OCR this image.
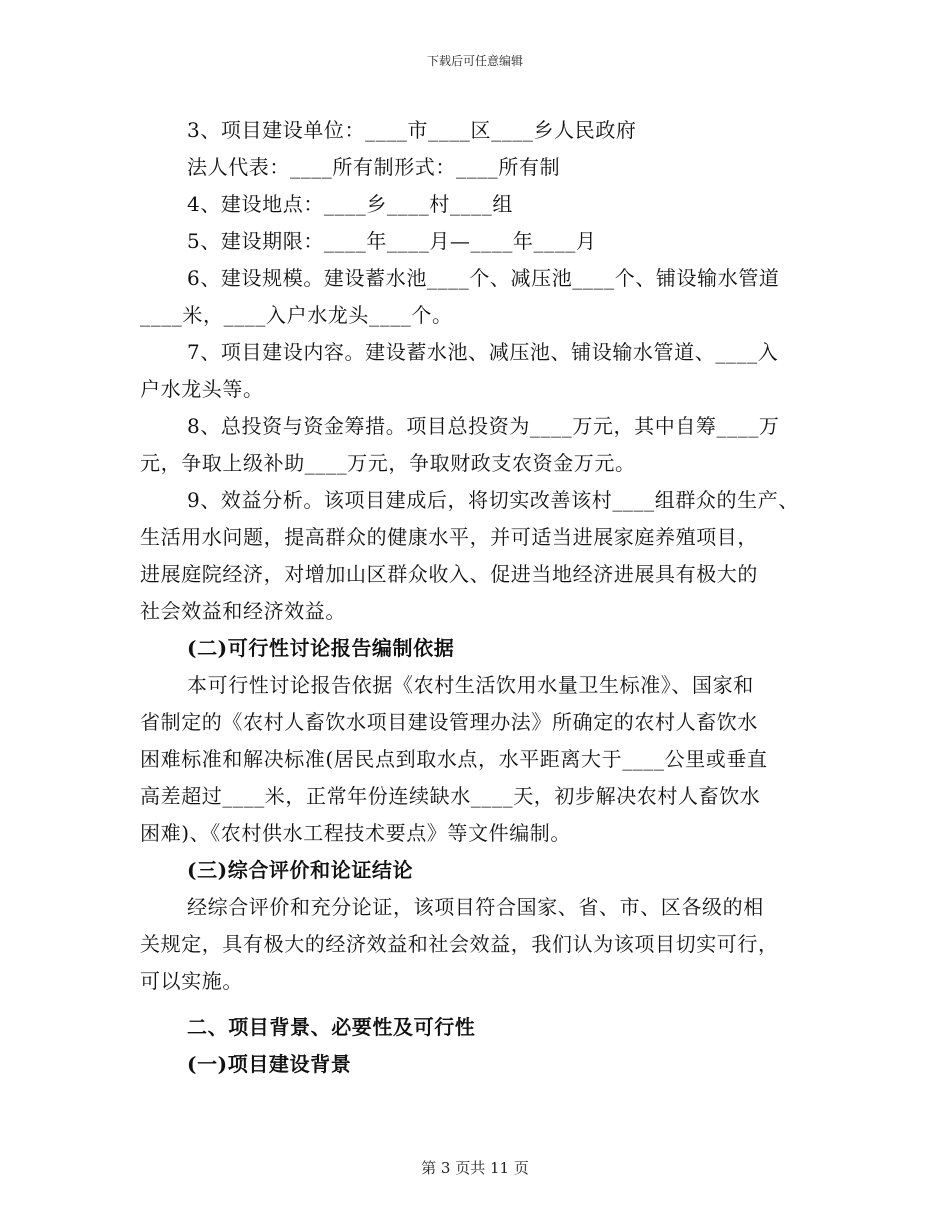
下载后可任意编辑
3、项目建设单位：____市____区____乡人民政府
法人代表：____所有制形式：____所有制
4、建设地点：____乡____村____组
5、建设期限：____年____月—____年____月
6、建设规模。建设蓄水池____个、减压池____个、铺设输水管道
____米，____入户水龙头____个。
7、项目建设内容。建设蓄水池、减压池、铺设输水管道、____入
户水龙头等。
8、总投资与资金筹措。项目总投资为____万元，其中自筹____万
元，争取上级补助____万元，争取财政支农资金万元。
9、效益分析。该项目建成后，将切实改善该村____组群众的生产、
生活用水问题，提高群众的健康水平，并可适当进展家庭养殖项目，
进展庭院经济，对增加山区群众收入、促进当地经济进展具有极大的
社会效益和经济效益。
(二)可行性讨论报告编制依据
本可行性讨论报告依据《农村生活饮用水量卫生标准》、国家和
省制定的《农村人畜饮水项目建设管理办法》所确定的农村人畜饮水
困难标准和解决标准(居民点到取水点，水平距离大于____公里或垂直
高差超过____米，正常年份连续缺水____天，初步解决农村人畜饮水
困难)、《农村供水工程技术要点》等文件编制。
(三)综合评价和论证结论
经综合评价和充分论证，该项目符合国家、省、市、区各级的相
关规定，具有极大的经济效益和社会效益，我们认为该项目切实可行，
可以实施。
二、项目背景、必要性及可行性
(一)项目建设背景
第 3 页共 11 页
